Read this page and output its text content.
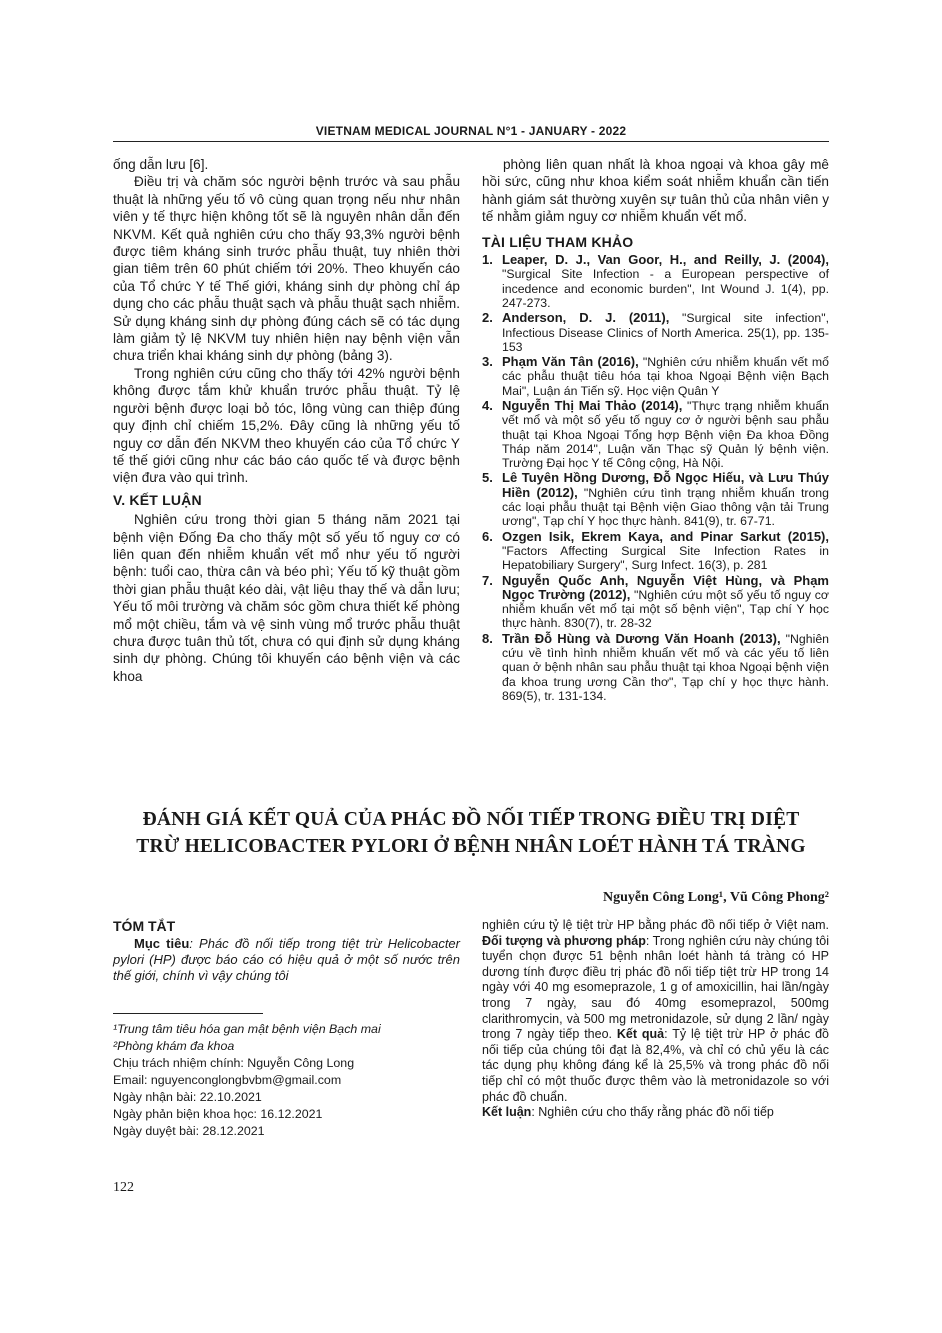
VIETNAM MEDICAL JOURNAL N°1 - JANUARY - 2022

ống dẫn lưu [6].

Điều trị và chăm sóc người bệnh trước và sau phẫu thuật là những yếu tố vô cùng quan trọng nếu như nhân viên y tế thực hiện không tốt sẽ là nguyên nhân dẫn đến NKVM. Kết quả nghiên cứu cho thấy 93,3% người bệnh được tiêm kháng sinh trước phẫu thuật, tuy nhiên thời gian tiêm trên 60 phút chiếm tới 20%. Theo khuyến cáo của Tổ chức Y tế Thế giới, kháng sinh dự phòng chỉ áp dụng cho các phẫu thuật sạch và phẫu thuật sạch nhiễm. Sử dụng kháng sinh dự phòng đúng cách sẽ có tác dụng làm giảm tỷ lệ NKVM tuy nhiên hiện nay bệnh viện vẫn chưa triển khai kháng sinh dự phòng (bảng 3).

Trong nghiên cứu cũng cho thấy tới 42% người bệnh không được tắm khử khuẩn trước phẫu thuật. Tỷ lệ người bệnh được loại bỏ tóc, lông vùng can thiệp đúng quy định chỉ chiếm 15,2%. Đây cũng là những yếu tố nguy cơ dẫn đến NKVM theo khuyến cáo của Tổ chức Y tế thế giới cũng như các báo cáo quốc tế và được bệnh viện đưa vào qui trình.

V. KẾT LUẬN

Nghiên cứu trong thời gian 5 tháng năm 2021 tại bệnh viện Đống Đa cho thấy một số yếu tố nguy cơ có liên quan đến nhiễm khuẩn vết mổ như yếu tố người bệnh: tuổi cao, thừa cân và béo phì; Yếu tố kỹ thuật gồm thời gian phẫu thuật kéo dài, vật liệu thay thế và dẫn lưu; Yếu tố môi trường và chăm sóc gồm chưa thiết kế phòng mổ một chiều, tắm và vệ sinh vùng mổ trước phẫu thuật chưa được tuân thủ tốt, chưa có qui định sử dụng kháng sinh dự phòng. Chúng tôi khuyến cáo bệnh viện và các khoa

phòng liên quan nhất là khoa ngoại và khoa gây mê hồi sức, cũng như khoa kiểm soát nhiễm khuẩn cần tiến hành giám sát thường xuyên sự tuân thủ của nhân viên y tế nhằm giảm nguy cơ nhiễm khuẩn vết mổ.

TÀI LIỆU THAM KHẢO
1. Leaper, D. J., Van Goor, H., and Reilly, J. (2004), "Surgical Site Infection - a European perspective of incedence and economic burden", Int Wound J. 1(4), pp. 247-273.
2. Anderson, D. J. (2011), "Surgical site infection", Infectious Disease Clinics of North America. 25(1), pp. 135-153
3. Phạm Văn Tân (2016), "Nghiên cứu nhiễm khuẩn vết mổ các phẫu thuật tiêu hóa tại khoa Ngoại Bệnh viện Bạch Mai", Luận án Tiến sỹ. Học viện Quân Y
4. Nguyễn Thị Mai Thảo (2014), "Thực trạng nhiễm khuẩn vết mổ và một số yếu tố nguy cơ ở người bệnh sau phẫu thuật tại Khoa Ngoại Tổng hợp Bệnh viện Đa khoa Đồng Tháp năm 2014", Luận văn Thạc sỹ Quản lý bệnh viện. Trường Đại học Y tế Công cộng, Hà Nội.
5. Lê Tuyên Hồng Dương, Đỗ Ngọc Hiếu, và Lưu Thúy Hiền (2012), "Nghiên cứu tình trạng nhiễm khuẩn trong các loại phẫu thuật tại Bệnh viện Giao thông vận tải Trung ương", Tạp chí Y học thực hành. 841(9), tr. 67-71.
6. Ozgen Isik, Ekrem Kaya, and Pinar Sarkut (2015), "Factors Affecting Surgical Site Infection Rates in Hepatobiliary Surgery", Surg Infect. 16(3), p. 281
7. Nguyễn Quốc Anh, Nguyễn Việt Hùng, và Phạm Ngọc Trường (2012), "Nghiên cứu một số yếu tố nguy cơ nhiễm khuẩn vết mổ tại một số bệnh viện", Tạp chí Y học thực hành. 830(7), tr. 28-32
8. Trần Đỗ Hùng và Dương Văn Hoanh (2013), "Nghiên cứu về tình hình nhiễm khuẩn vết mổ và các yếu tố liên quan ở bệnh nhân sau phẫu thuật tại khoa Ngoại bệnh viện đa khoa trung ương Cần thơ", Tạp chí y học thực hành. 869(5), tr. 131-134.
ĐÁNH GIÁ KẾT QUẢ CỦA PHÁC ĐỒ NỐI TIẾP TRONG ĐIỀU TRỊ DIỆT
TRỪ HELICOBACTER PYLORI Ở BỆNH NHÂN LOÉT HÀNH TÁ TRÀNG
Nguyễn Công Long¹, Vũ Công Phong²
TÓM TẮT

Mục tiêu: Phác đồ nối tiếp trong tiệt trừ Helicobacter pylori (HP) được báo cáo có hiệu quả ở một số nước trên thế giới, chính vì vậy chúng tôi

¹Trung tâm tiêu hóa gan mật bệnh viện Bạch mai
²Phòng khám đa khoa
Chịu trách nhiệm chính: Nguyễn Công Long
Email: nguyenconglongbvbm@gmail.com
Ngày nhận bài: 22.10.2021
Ngày phản biện khoa học: 16.12.2021
Ngày duyệt bài: 28.12.2021

nghiên cứu tỷ lệ tiệt trừ HP bằng phác đồ nối tiếp ở Việt nam. Đối tượng và phương pháp: Trong nghiên cứu này chúng tôi tuyển chọn được 51 bệnh nhân loét hành tá tràng có HP dương tính được điều trị phác đồ nối tiếp tiệt trừ HP trong 14 ngày với 40 mg esomeprazole, 1 g of amoxicillin, hai lần/ngày trong 7 ngày, sau đó 40mg esomeprazol, 500mg clarithromycin, và 500 mg metronidazole, sử dụng 2 lần/ ngày trong 7 ngày tiếp theo. Kết quả: Tỷ lệ tiệt trừ HP ở phác đồ nối tiếp của chúng tôi đạt là 82,4%, và chỉ có chủ yếu là các tác dụng phụ không đáng kể là 25,5% và trong phác đồ nối tiếp chỉ có một thuốc được thêm vào là metronidazole so với phác đồ chuẩn.

Kết luận: Nghiên cứu cho thấy rằng phác đồ nối tiếp

122
